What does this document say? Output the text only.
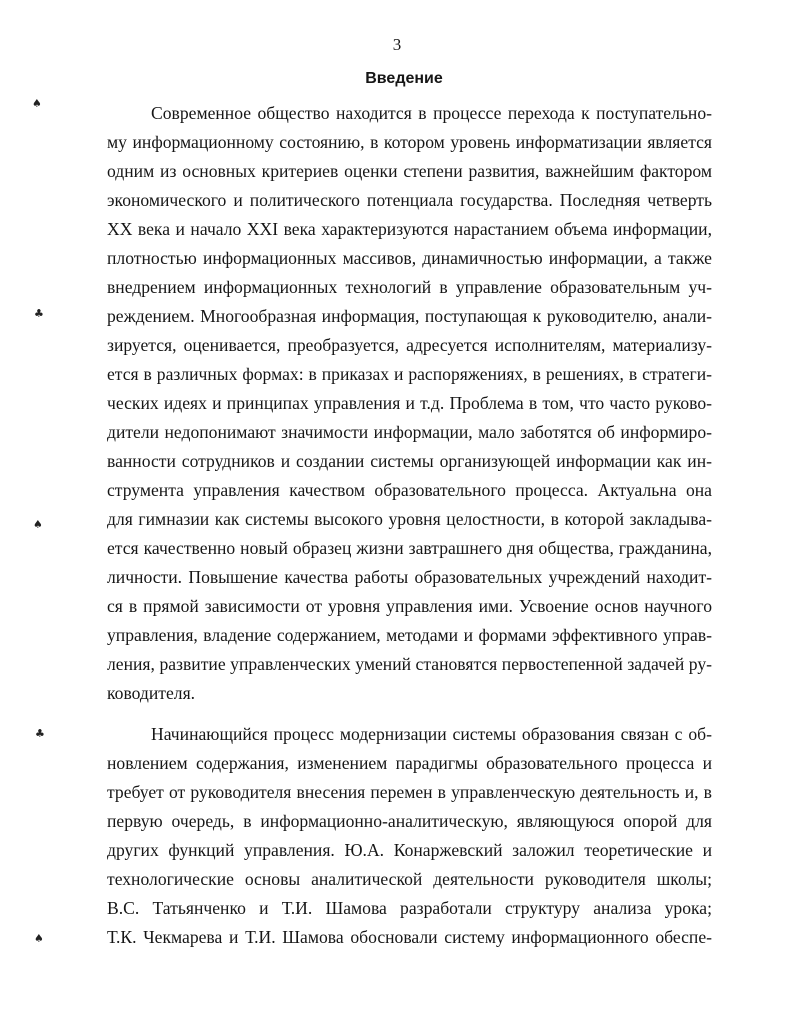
3
Введение
Современное общество находится в процессе перехода к поступательно-
му информационному состоянию, в котором уровень информатизации является
одним из основных критериев оценки степени развития, важнейшим фактором
экономического и политического потенциала государства. Последняя четверть
XX века и начало XXI века характеризуются нарастанием объема информации,
плотностью информационных массивов, динамичностью информации, а также
внедрением информационных технологий в управление образовательным уч-
реждением. Многообразная информация, поступающая к руководителю, анали-
зируется, оценивается, преобразуется, адресуется исполнителям, материализу-
ется в различных формах: в приказах и распоряжениях, в решениях, в стратеги-
ческих идеях и принципах управления и т.д. Проблема в том, что часто руково-
дители недопонимают значимости информации, мало заботятся об информиро-
ванности сотрудников и создании системы организующей информации как ин-
струмента управления качеством образовательного процесса. Актуальна она
для гимназии как системы высокого уровня целостности, в которой закладыва-
ется качественно новый образец жизни завтрашнего дня общества, гражданина,
личности. Повышение качества работы образовательных учреждений находит-
ся в прямой зависимости от уровня управления ими. Усвоение основ научного
управления, владение содержанием, методами и формами эффективного управ-
ления, развитие управленческих умений становятся первостепенной задачей ру-
ководителя.
Начинающийся процесс модернизации системы образования связан с об-
новлением содержания, изменением парадигмы образовательного процесса и
требует от руководителя внесения перемен в управленческую деятельность и, в
первую очередь, в информационно-аналитическую, являющуюся опорой для
других функций управления. Ю.А. Конаржевский заложил теоретические и
технологические основы аналитической деятельности руководителя школы;
В.С. Татьянченко и Т.И. Шамова разработали структуру анализа урока;
Т.К. Чекмарева и Т.И. Шамова обосновали систему информационного обеспе-
♠
♣
♠
♣
♠
